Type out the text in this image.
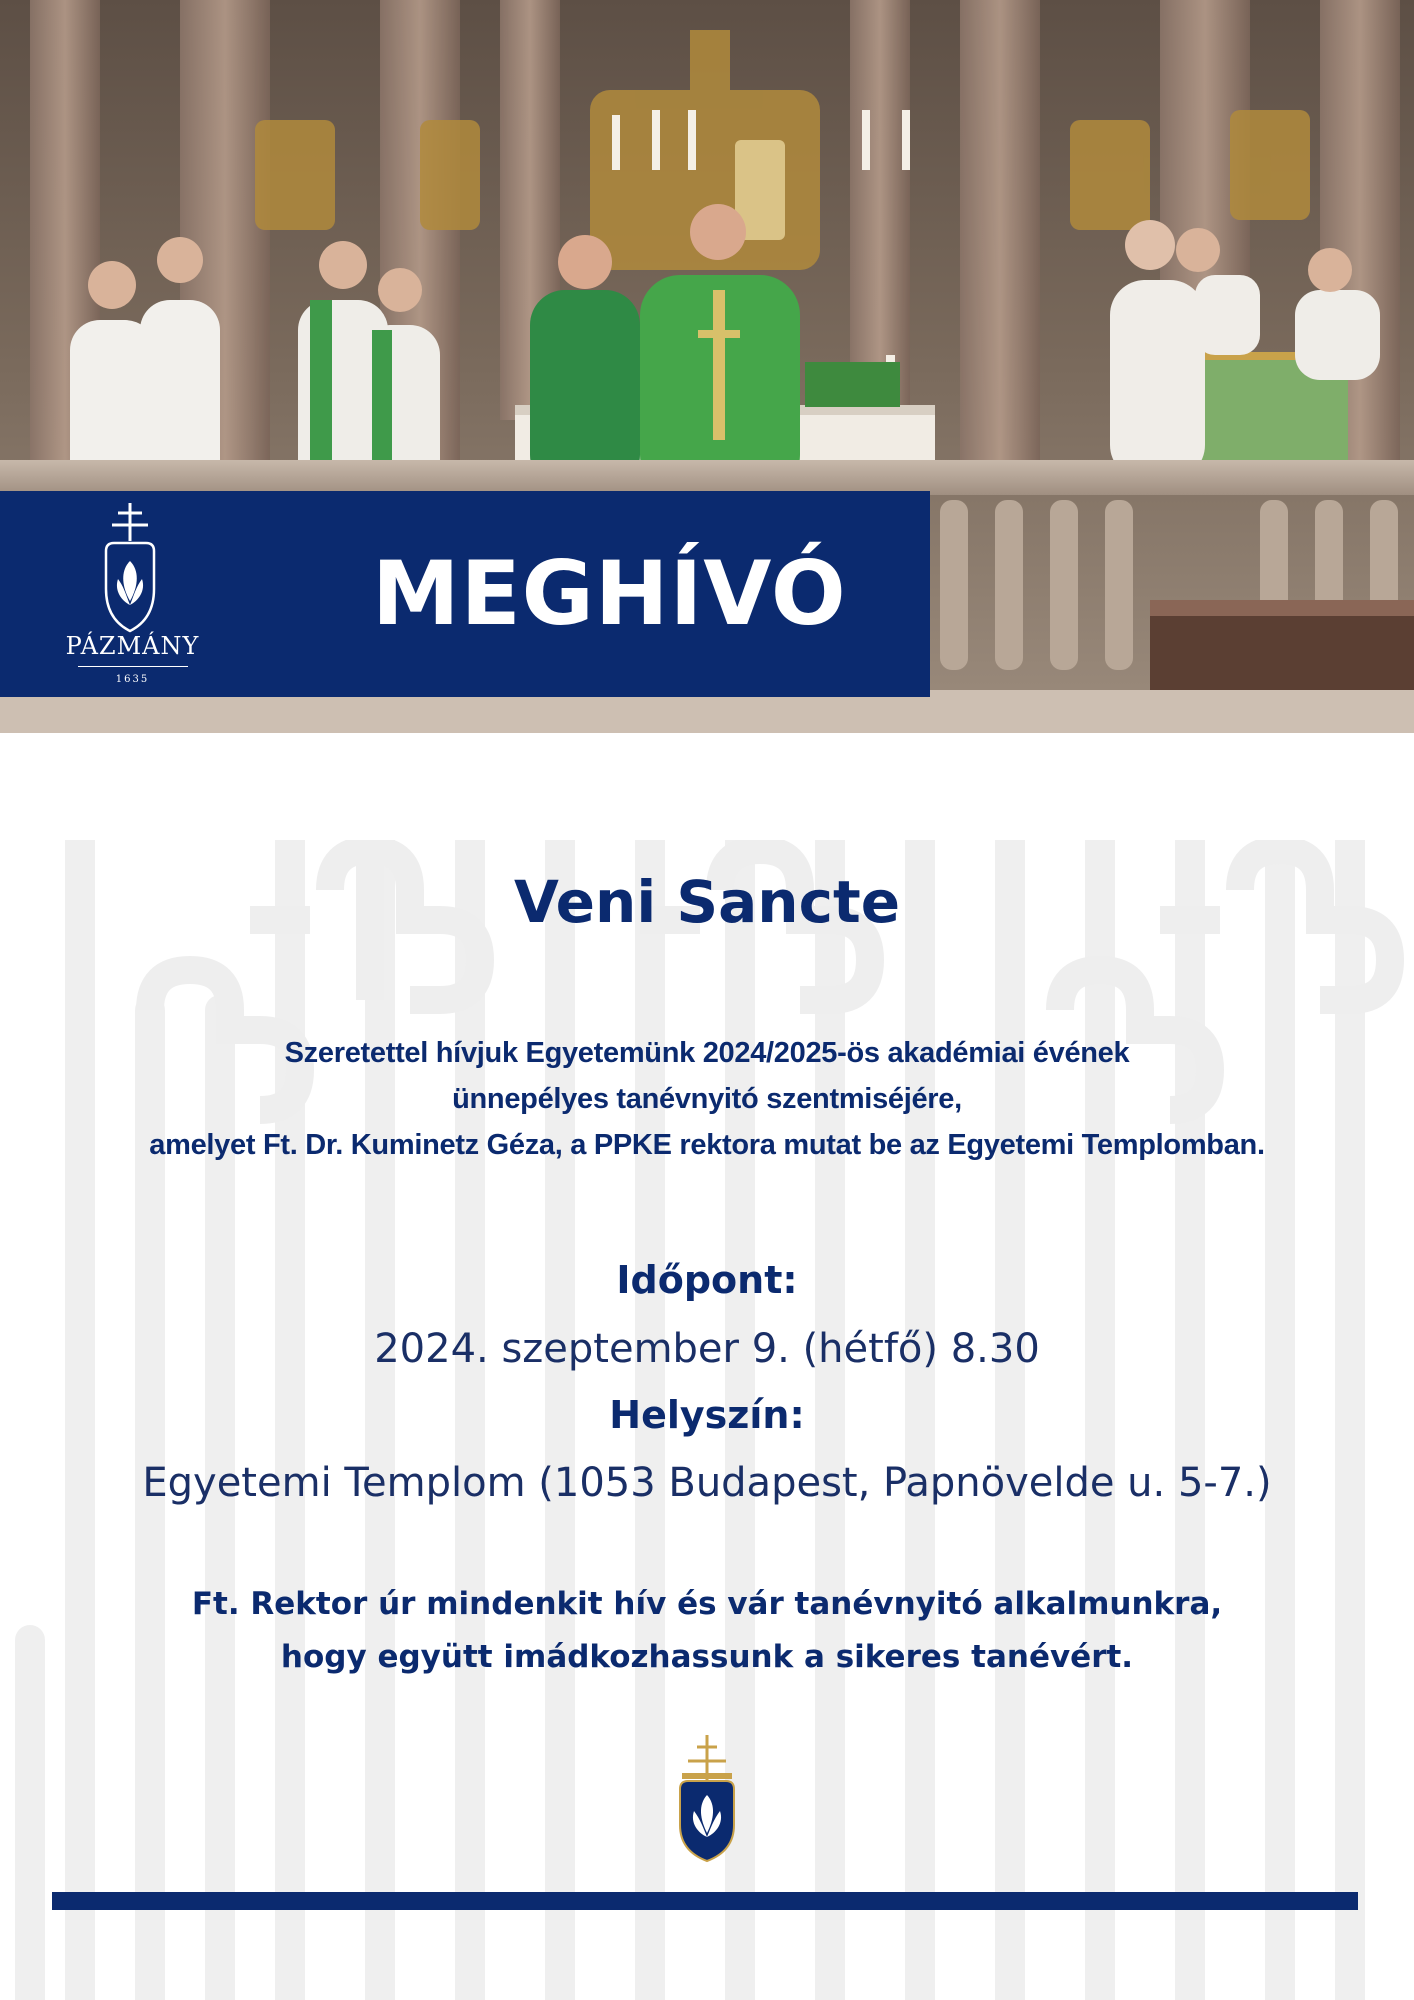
PÁZMÁNY
1635
MEGHÍVÓ
Veni Sancte
Szeretettel hívjuk Egyetemünk 2024/2025-ös akadémiai évének
ünnepélyes tanévnyitó szentmiséjére,
amelyet Ft. Dr. Kuminetz Géza, a PPKE rektora mutat be az Egyetemi Templomban.
Időpont:
2024. szeptember 9. (hétfő) 8.30
Helyszín:
Egyetemi Templom (1053 Budapest, Papnövelde u. 5-7.)
Ft. Rektor úr mindenkit hív és vár tanévnyitó alkalmunkra,
hogy együtt imádkozhassunk a sikeres tanévért.
